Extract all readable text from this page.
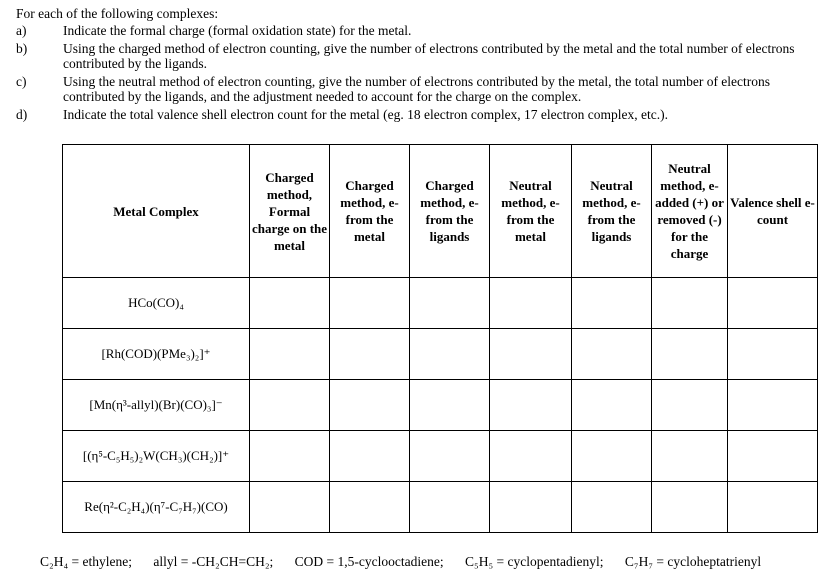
For each of the following complexes:
a)	Indicate the formal charge (formal oxidation state) for the metal.
b)	Using the charged method of electron counting, give the number of electrons contributed by the metal and the total number of electrons contributed by the ligands.
c)	Using the neutral method of electron counting, give the number of electrons contributed by the metal, the total number of electrons contributed by the ligands, and the adjustment needed to account for the charge on the complex.
d)	Indicate the total valence shell electron count for the metal (eg. 18 electron complex, 17 electron complex, etc.).
Metal Complex	Charged method, Formal charge on the metal	Charged method, e- from the metal	Charged method, e- from the ligands	Neutral method, e- from the metal	Neutral method, e- from the ligands	Neutral method, e- added (+) or removed (-) for the charge	Valence shell e- count
HCo(CO)₄							
[Rh(COD)(PMe₃)₂]⁺							
[Mn(η³-allyl)(Br)(CO)₃]⁻							
[(η⁵-C₅H₅)₂W(CH₃)(CH₂)]⁺							
Re(η²-C₂H₄)(η⁷-C₇H₇)(CO)							
C₂H₄ = ethylene; allyl = -CH₂CH=CH₂; COD = 1,5-cyclooctadiene; C₅H₅ = cyclopentadienyl; C₇H₇ = cycloheptatrienyl
